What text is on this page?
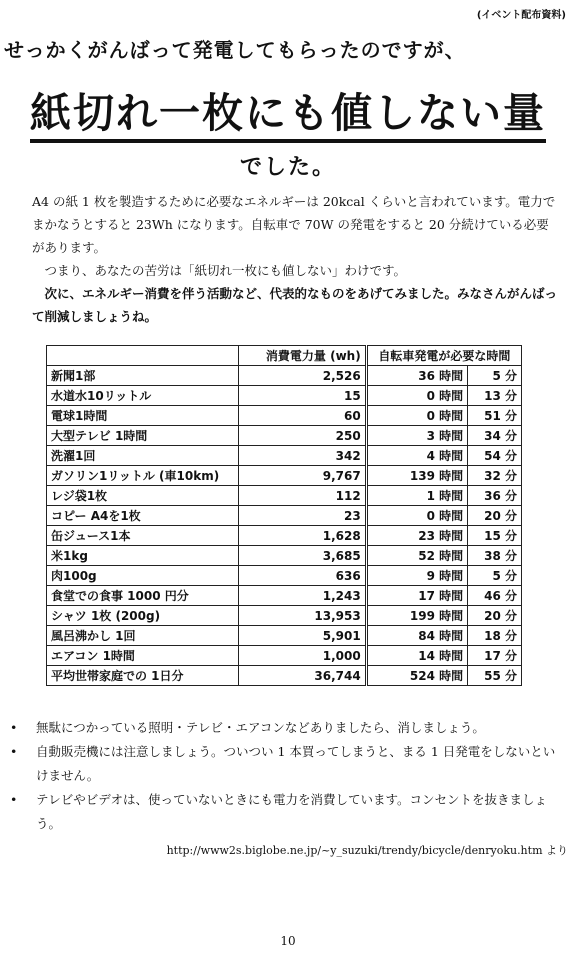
(イベント配布資料)
せっかくがんばって発電してもらったのですが、
紙切れ一枚にも値しない量
でした。

A4 の紙 1 枚を製造するために必要なエネルギーは 20kcal くらいと言われています。電力でまかなうとすると 23Wh になります。自転車で 70W の発電をすると 20 分続けている必要があります。

つまり、あなたの苦労は「紙切れ一枚にも値しない」わけです。

次に、エネルギー消費を伴う活動など、代表的なものをあげてみました。みなさんがんばって削減しましょうね。

	消費電力量 (wh)	自転車発電が必要な時間	
新聞1部	2,526	36 時間	5 分
水道水10リットル	15	0 時間	13 分
電球1時間	60	0 時間	51 分
大型テレビ 1時間	250	3 時間	34 分
洗濯1回	342	4 時間	54 分
ガソリン1リットル (車10km)	9,767	139 時間	32 分
レジ袋1枚	112	1 時間	36 分
コピー A4を1枚	23	0 時間	20 分
缶ジュース1本	1,628	23 時間	15 分
米1kg	3,685	52 時間	38 分
肉100g	636	9 時間	5 分
食堂での食事 1000 円分	1,243	17 時間	46 分
シャツ 1枚 (200g)	13,953	199 時間	20 分
風呂沸かし 1回	5,901	84 時間	18 分
エアコン 1時間	1,000	14 時間	17 分
平均世帯家庭での 1日分	36,744	524 時間	55 分
• 無駄につかっている照明・テレビ・エアコンなどありましたら、消しましょう。
• 自動販売機には注意しましょう。ついつい 1 本買ってしまうと、まる 1 日発電をしないといけません。
• テレビやビデオは、使っていないときにも電力を消費しています。コンセントを抜きましょう。
http://www2s.biglobe.ne.jp/~y_suzuki/trendy/bicycle/denryoku.htm より
10
